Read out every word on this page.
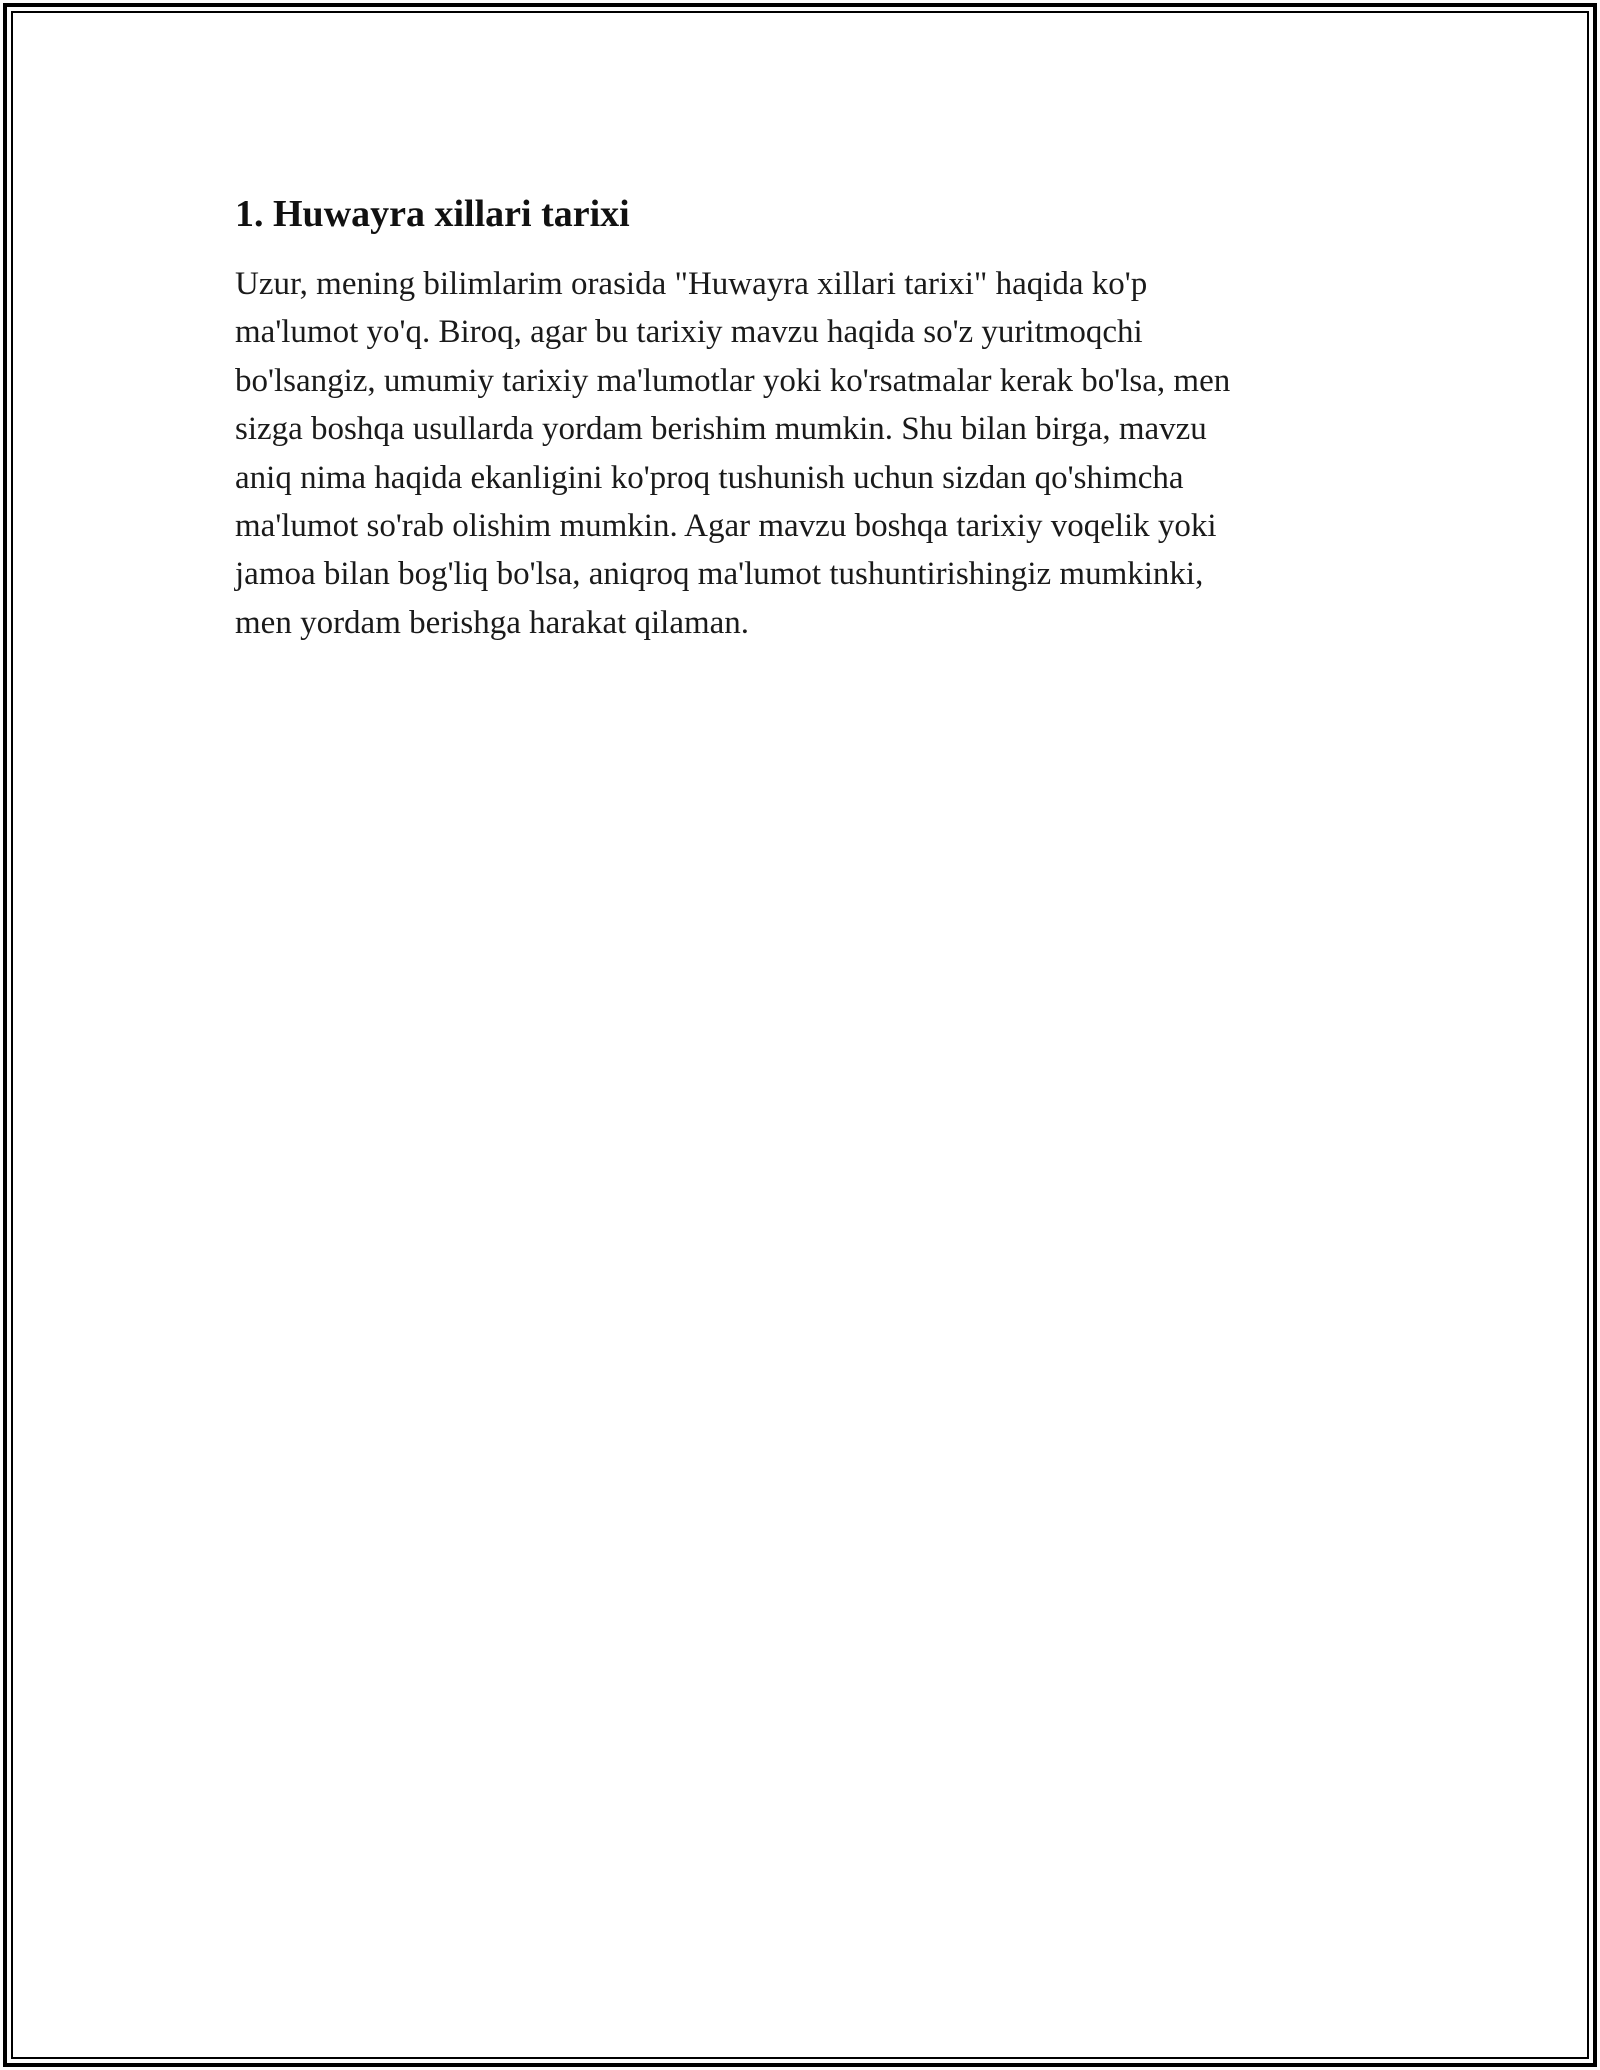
1. Huwayra xillari tarixi

Uzur, mening bilimlarim orasida "Huwayra xillari tarixi" haqida ko'p
ma'lumot yo'q. Biroq, agar bu tarixiy mavzu haqida so'z yuritmoqchi
bo'lsangiz, umumiy tarixiy ma'lumotlar yoki ko'rsatmalar kerak bo'lsa, men
sizga boshqa usullarda yordam berishim mumkin. Shu bilan birga, mavzu
aniq nima haqida ekanligini ko'proq tushunish uchun sizdan qo'shimcha
ma'lumot so'rab olishim mumkin. Agar mavzu boshqa tarixiy voqelik yoki
jamoa bilan bog'liq bo'lsa, aniqroq ma'lumot tushuntirishingiz mumkinki,
men yordam berishga harakat qilaman.
